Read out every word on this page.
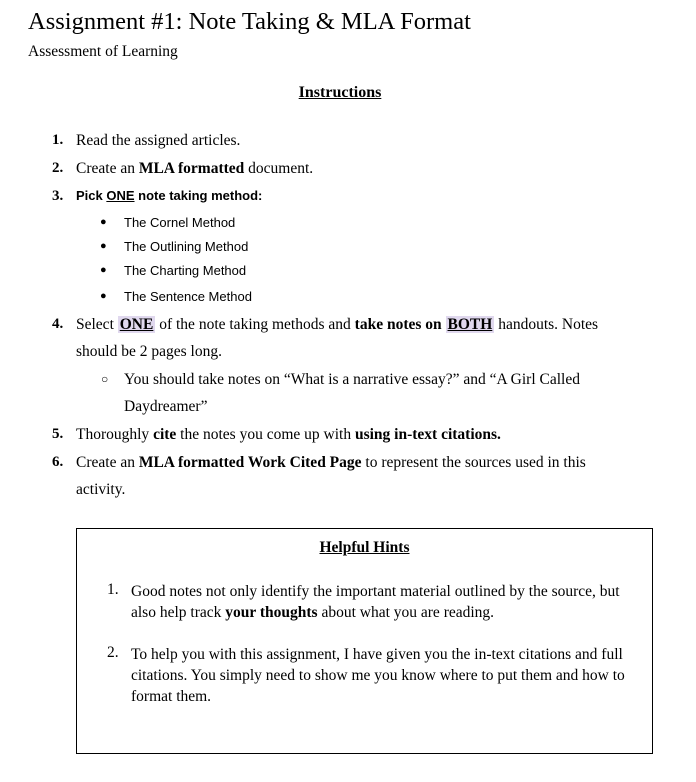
Assignment #1: Note Taking & MLA Format
Assessment of Learning
Instructions
1. Read the assigned articles.
2. Create an MLA formatted document.
3. Pick ONE note taking method:
● The Cornel Method
● The Outlining Method
● The Charting Method
● The Sentence Method
4. Select ONE of the note taking methods and take notes on BOTH handouts. Notes
should be 2 pages long.
○ You should take notes on “What is a narrative essay?” and “A Girl Called
Daydreamer”
5. Thoroughly cite the notes you come up with using in-text citations.
6. Create an MLA formatted Work Cited Page to represent the sources used in this
activity.
Helpful Hints
1. Good notes not only identify the important material outlined by the source, but also help track your thoughts about what you are reading.
2. To help you with this assignment, I have given you the in-text citations and full citations. You simply need to show me you know where to put them and how to format them.
